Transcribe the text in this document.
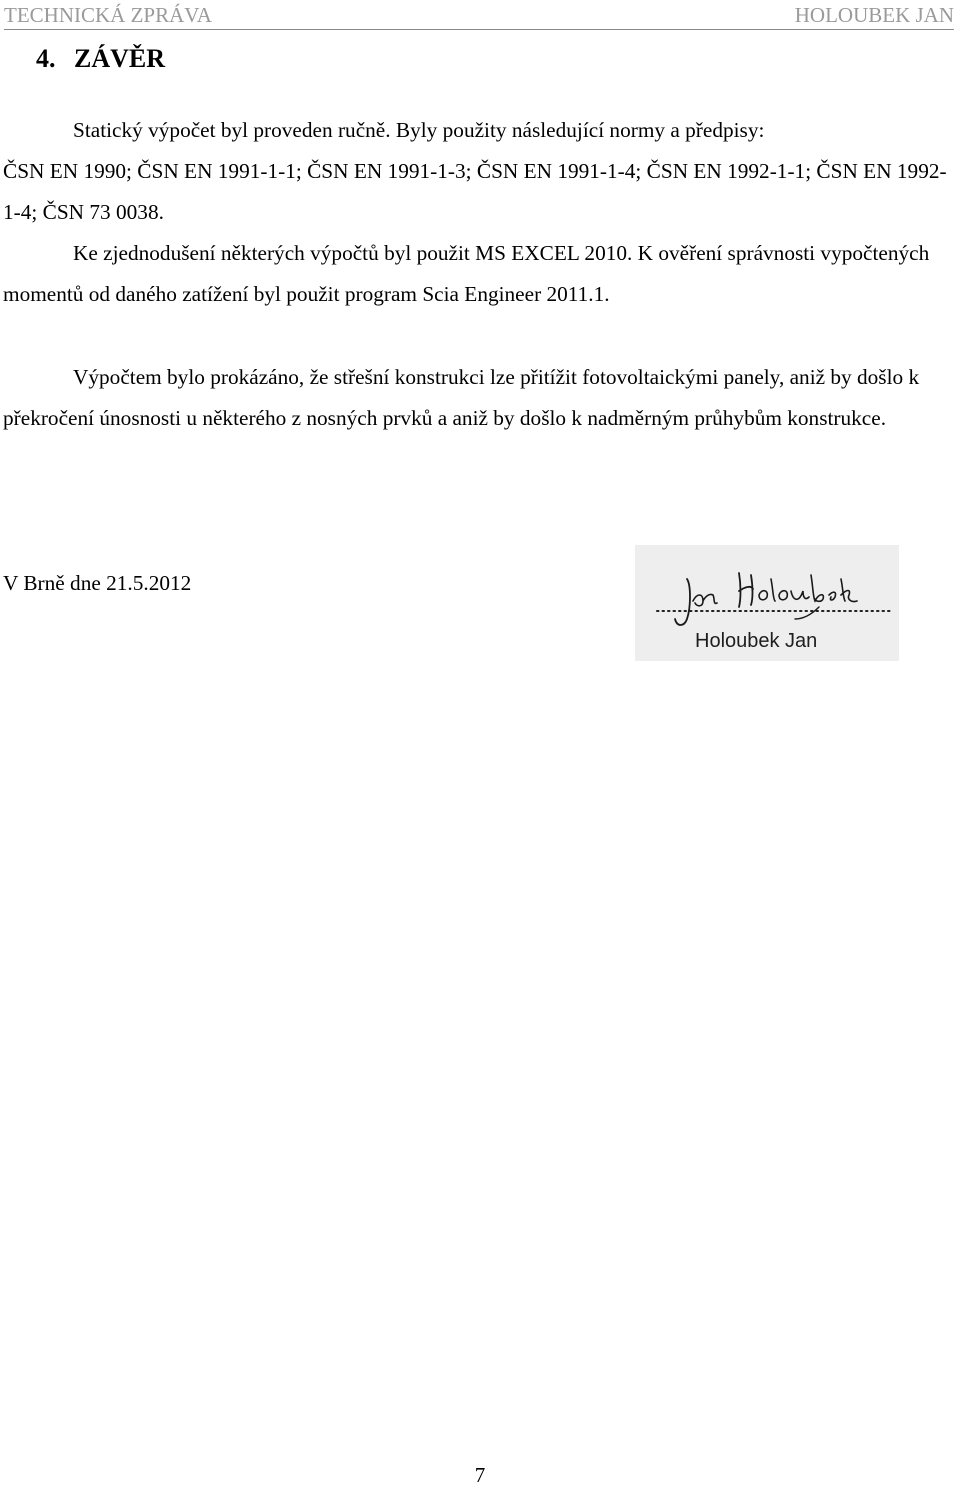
TECHNICKÁ ZPRÁVA	HOLOUBEK JAN
4. ZÁVĚR
Statický výpočet byl proveden ručně. Byly použity následující normy a předpisy:
ČSN EN 1990; ČSN EN 1991-1-1; ČSN EN 1991-1-3; ČSN EN 1991-1-4; ČSN EN 1992-1-1; ČSN EN 1992-1-4; ČSN 73 0038.
Ke zjednodušení některých výpočtů byl použit MS EXCEL 2010. K ověření správnosti vypočtených momentů od daného zatížení byl použit program Scia Engineer 2011.1.
Výpočtem bylo prokázáno, že střešní konstrukci lze přitížit fotovoltaickými panely, aniž by došlo k překročení únosnosti u některého z nosných prvků a aniž by došlo k nadměrným průhybům konstrukce.
V Brně dne 21.5.2012
Holoubek Jan
7
